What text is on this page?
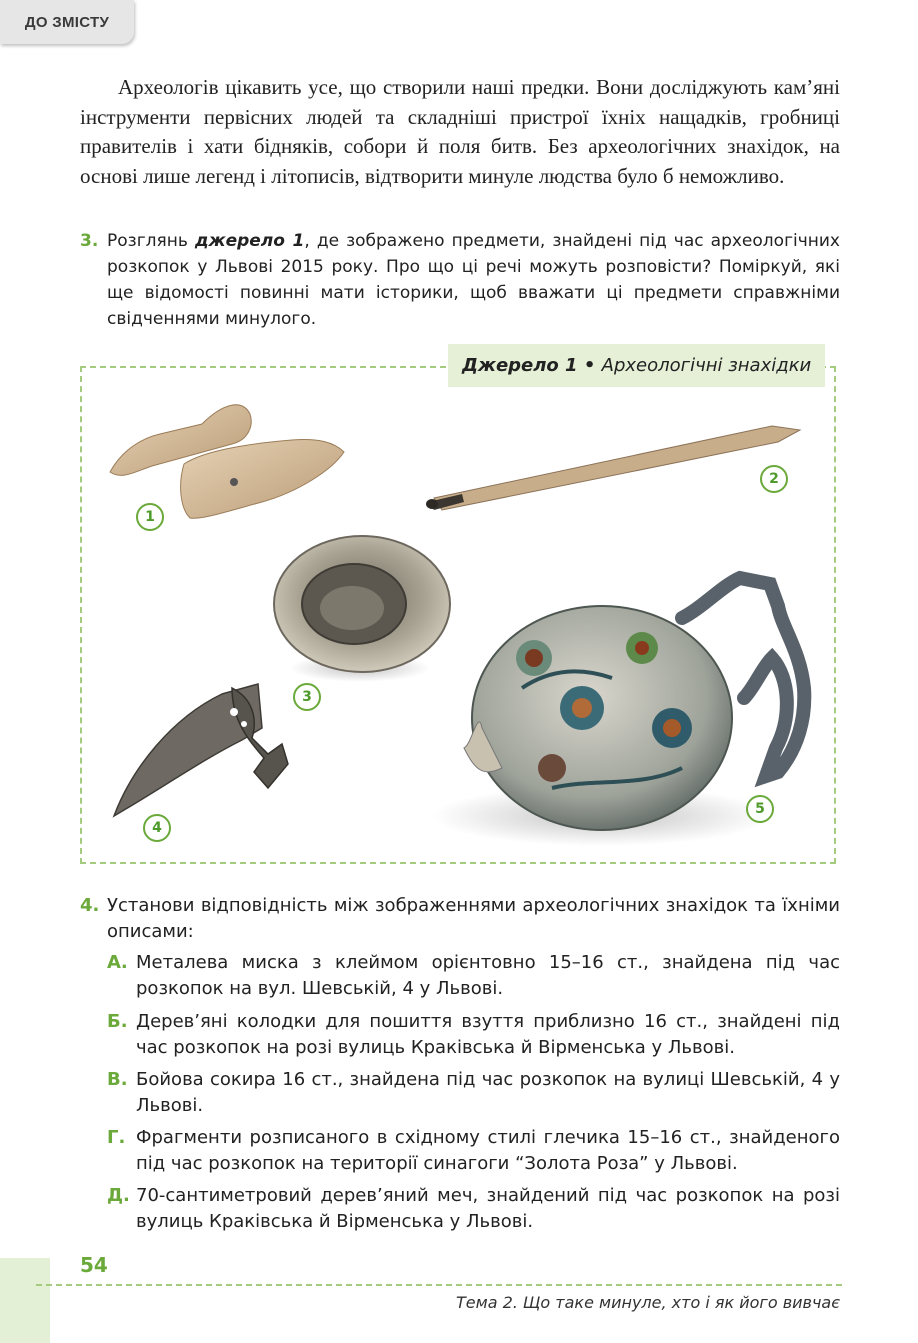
ДО ЗМІСТУ

Археологів цікавить усе, що створили наші предки. Вони досліджують кам’яні інструменти первісних людей та складніші пристрої їхніх нащадків, гробниці правителів і хати бідняків, собори й поля битв. Без археологічних знахідок, на основі лише легенд і літописів, відтворити минуле людства було б неможливо.

3. Розглянь джерело 1, де зображено предмети, знайдені під час археологічних розкопок у Львові 2015 року. Про що ці речі можуть розповісти? Поміркуй, які ще відомості повинні мати історики, щоб вважати ці предмети справжніми свідченнями минулого.
Джерело 1 • Археологічні знахідки
1
2
3
4
5
4. Установи відповідність між зображеннями археологічних знахідок та їхніми описами:
А. Металева миска з клеймом орієнтовно 15–16 ст., знайдена під час розкопок на вул. Шевській, 4 у Львові.
Б. Дерев’яні колодки для пошиття взуття приблизно 16 ст., знайдені під час розкопок на розі вулиць Краківська й Вірменська у Львові.
В. Бойова сокира 16 ст., знайдена під час розкопок на вулиці Шевській, 4 у Львові.
Г. Фрагменти розписаного в східному стилі глечика 15–16 ст., знайденого під час розкопок на території синагоги “Золота Роза” у Львові.
Д. 70-сантиметровий дерев’яний меч, знайдений під час розкопок на розі вулиць Краківська й Вірменська у Львові.
54
Тема 2. Що таке минуле, хто і як його вивчає
